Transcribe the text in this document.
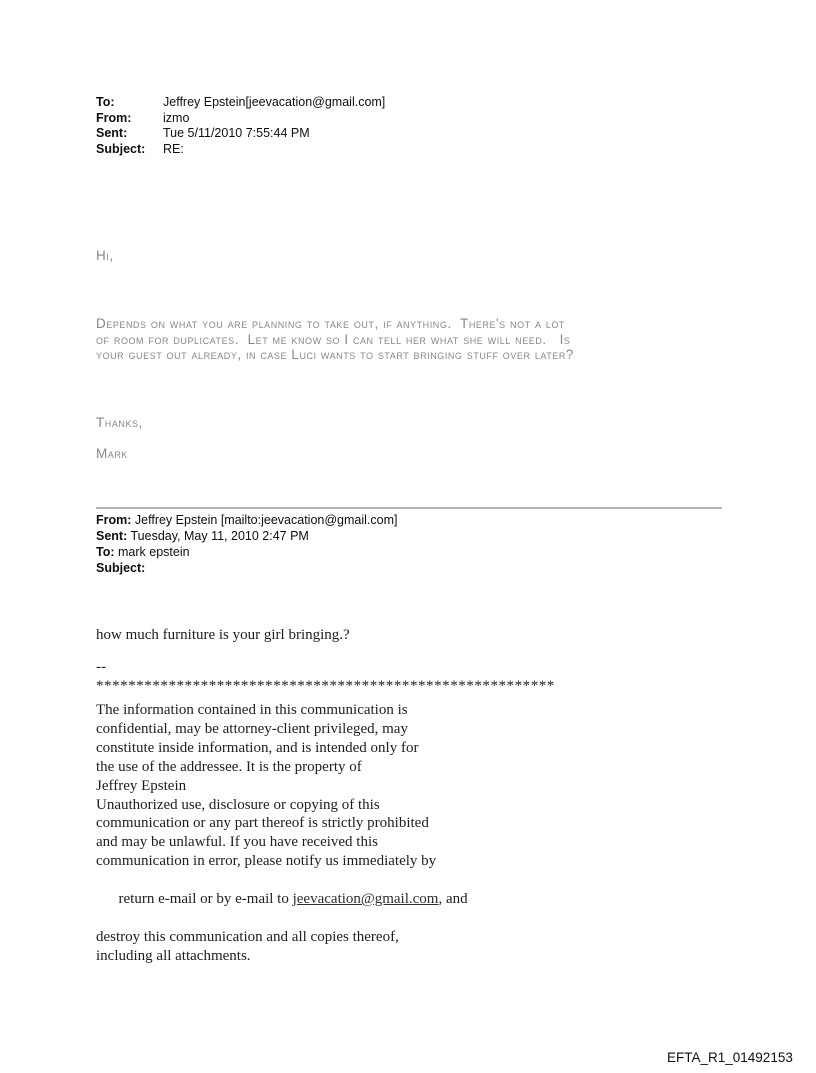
To:	Jeffrey Epstein[jeevacation@gmail.com]
From:	izmo
Sent:	Tue 5/11/2010 7:55:44 PM
Subject:	RE:
Hi,
Depends on what you are planning to take out, if anything.  There's not a lot
of room for duplicates.  Let me know so I can tell her what she will need.   Is
your guest out already, in case Luci wants to start bringing stuff over later?
Thanks,
Mark
From: Jeffrey Epstein [mailto:jeevacation@gmail.com]
Sent: Tuesday, May 11, 2010 2:47 PM
To: mark epstein
Subject:
how much furniture is your girl bringing.?
--
*********************************************************
The information contained in this communication is
confidential, may be attorney-client privileged, may
constitute inside information, and is intended only for
the use of the addressee. It is the property of
Jeffrey Epstein
Unauthorized use, disclosure or copying of this
communication or any part thereof is strictly prohibited
and may be unlawful. If you have received this
communication in error, please notify us immediately by

return e-mail or by e-mail to jeevacation@gmail.com, and

destroy this communication and all copies thereof,
including all attachments.
EFTA_R1_01492153
